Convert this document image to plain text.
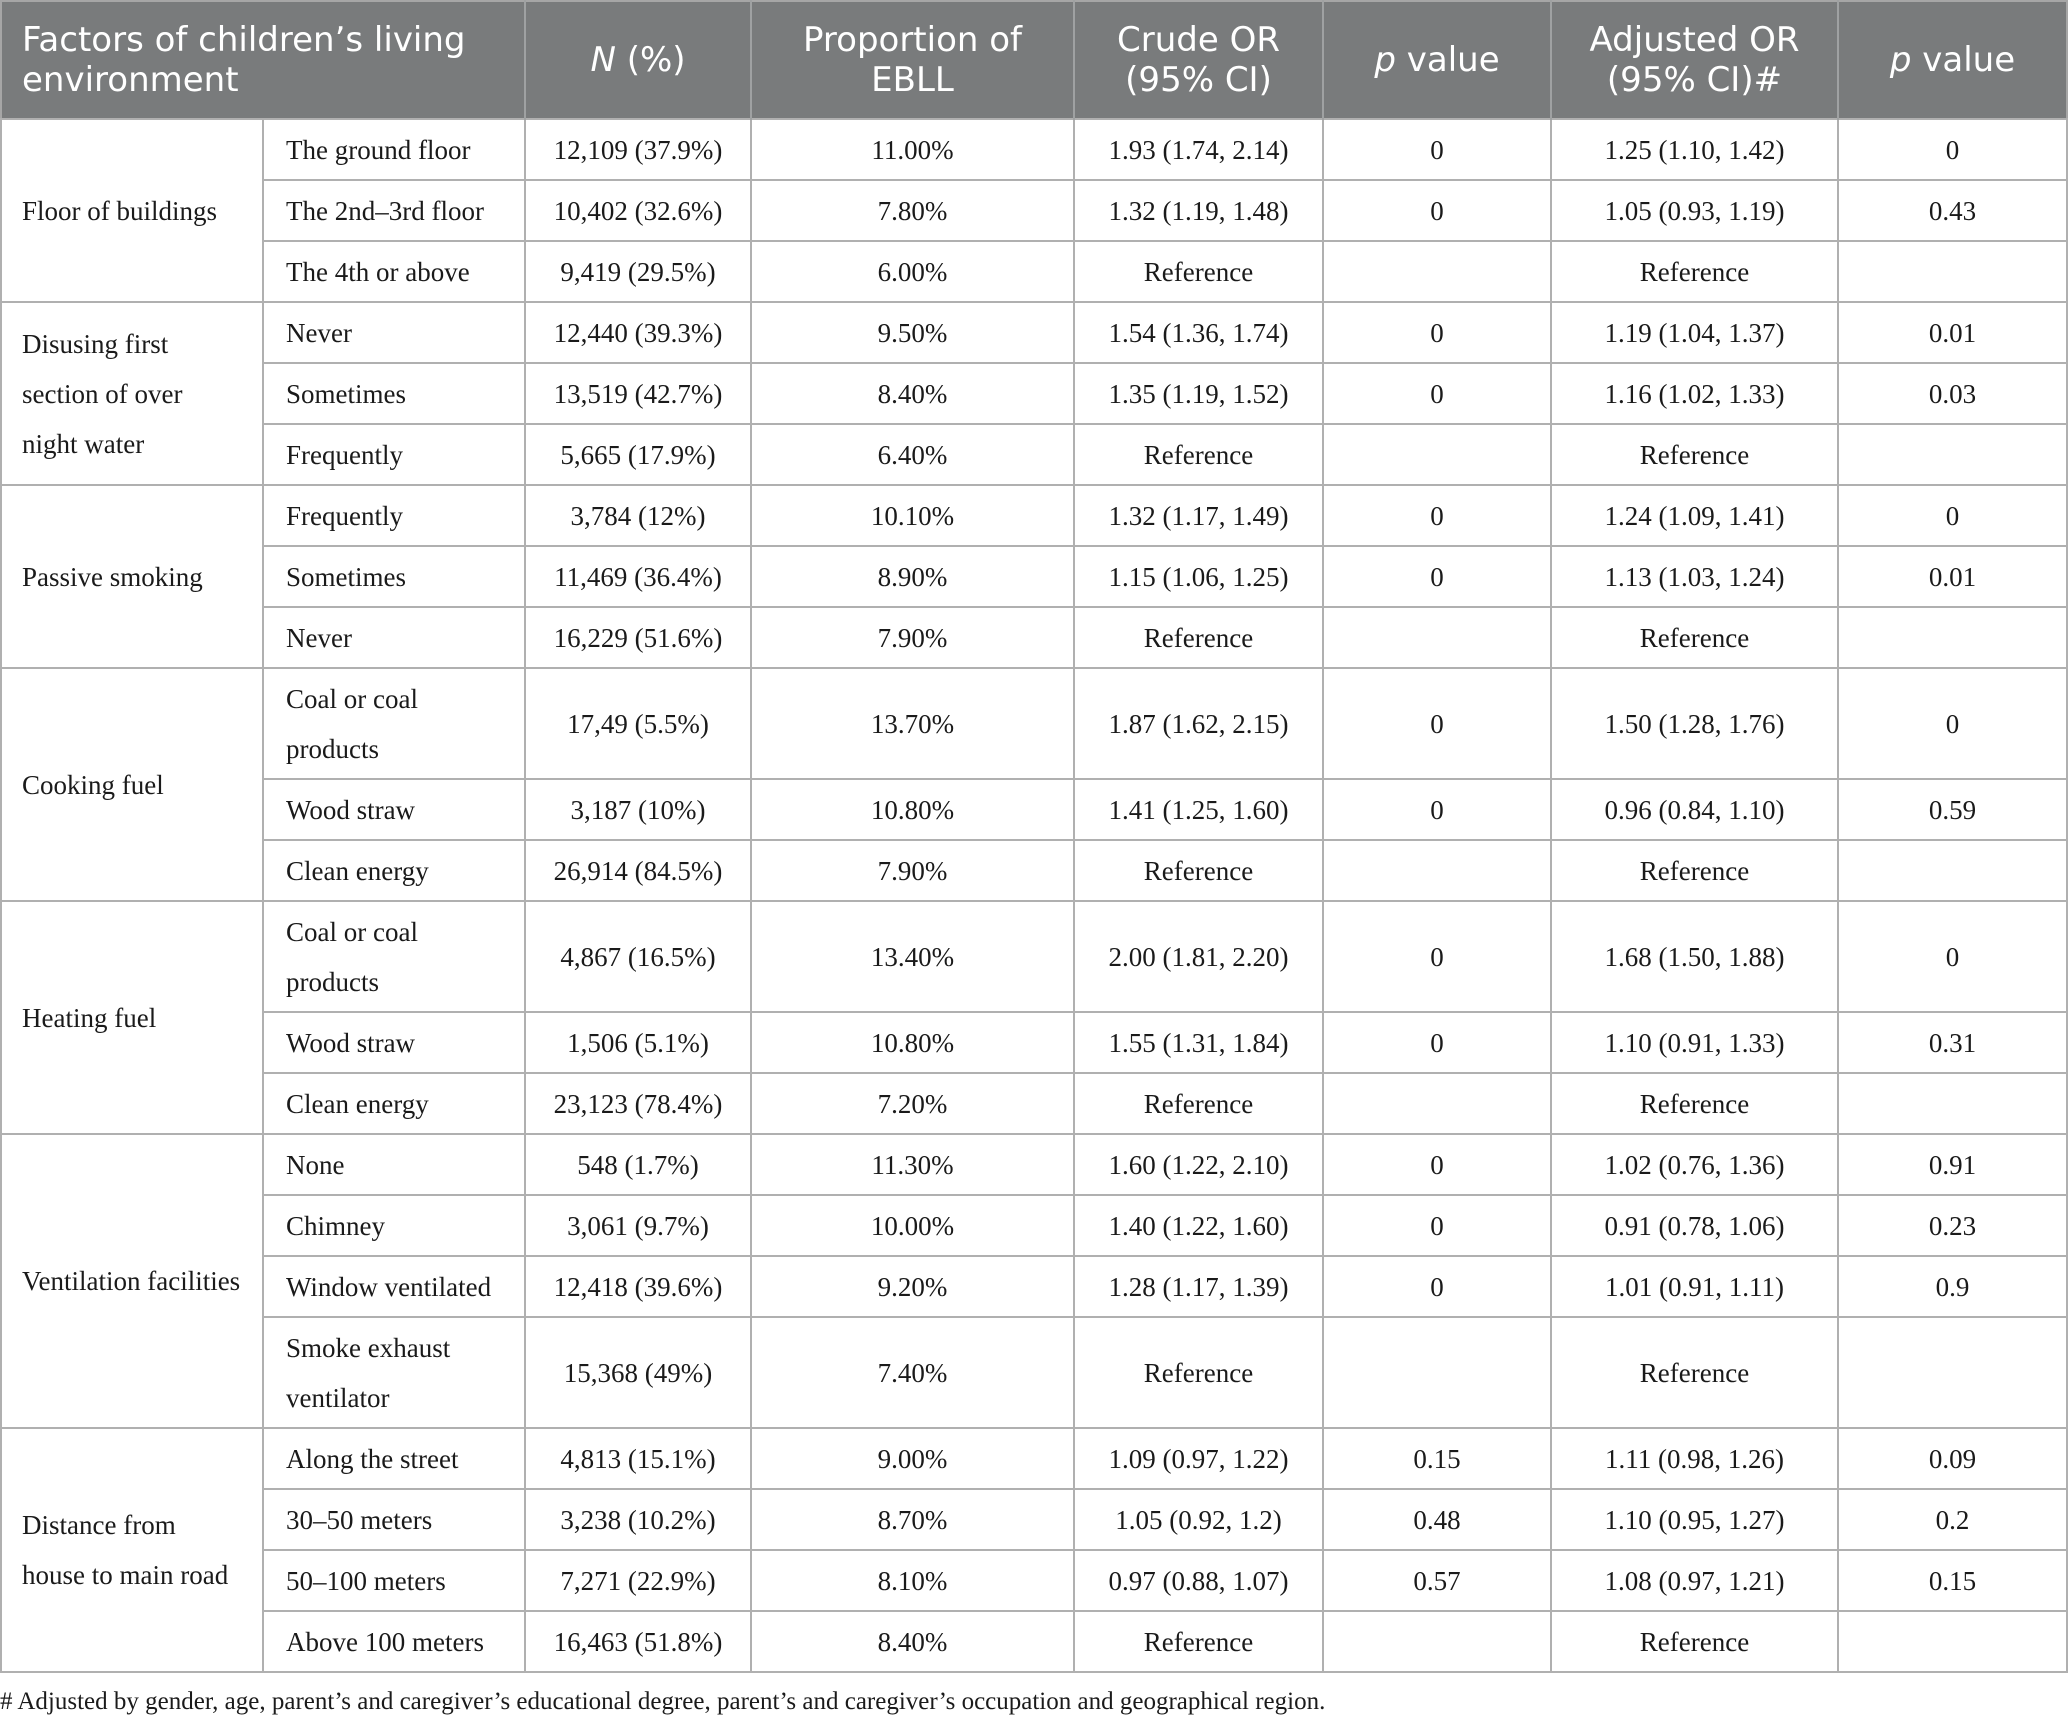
Factors of children’s living environment		N (%)	Proportion of EBLL	Crude OR (95% CI)	p value	Adjusted OR (95% CI)#	p value
Floor of buildings	The ground floor	12,109 (37.9%)	11.00%	1.93 (1.74, 2.14)	0	1.25 (1.10, 1.42)	0
	The 2nd–3rd floor	10,402 (32.6%)	7.80%	1.32 (1.19, 1.48)	0	1.05 (0.93, 1.19)	0.43
	The 4th or above	9,419 (29.5%)	6.00%	Reference		Reference	
Disusing first section of over night water	Never	12,440 (39.3%)	9.50%	1.54 (1.36, 1.74)	0	1.19 (1.04, 1.37)	0.01
	Sometimes	13,519 (42.7%)	8.40%	1.35 (1.19, 1.52)	0	1.16 (1.02, 1.33)	0.03
	Frequently	5,665 (17.9%)	6.40%	Reference		Reference	
Passive smoking	Frequently	3,784 (12%)	10.10%	1.32 (1.17, 1.49)	0	1.24 (1.09, 1.41)	0
	Sometimes	11,469 (36.4%)	8.90%	1.15 (1.06, 1.25)	0	1.13 (1.03, 1.24)	0.01
	Never	16,229 (51.6%)	7.90%	Reference		Reference	
Cooking fuel	Coal or coal products	17,49 (5.5%)	13.70%	1.87 (1.62, 2.15)	0	1.50 (1.28, 1.76)	0
	Wood straw	3,187 (10%)	10.80%	1.41 (1.25, 1.60)	0	0.96 (0.84, 1.10)	0.59
	Clean energy	26,914 (84.5%)	7.90%	Reference		Reference	
Heating fuel	Coal or coal products	4,867 (16.5%)	13.40%	2.00 (1.81, 2.20)	0	1.68 (1.50, 1.88)	0
	Wood straw	1,506 (5.1%)	10.80%	1.55 (1.31, 1.84)	0	1.10 (0.91, 1.33)	0.31
	Clean energy	23,123 (78.4%)	7.20%	Reference		Reference	
Ventilation facilities	None	548 (1.7%)	11.30%	1.60 (1.22, 2.10)	0	1.02 (0.76, 1.36)	0.91
	Chimney	3,061 (9.7%)	10.00%	1.40 (1.22, 1.60)	0	0.91 (0.78, 1.06)	0.23
	Window ventilated	12,418 (39.6%)	9.20%	1.28 (1.17, 1.39)	0	1.01 (0.91, 1.11)	0.9
	Smoke exhaust ventilator	15,368 (49%)	7.40%	Reference		Reference	
Distance from house to main road	Along the street	4,813 (15.1%)	9.00%	1.09 (0.97, 1.22)	0.15	1.11 (0.98, 1.26)	0.09
	30–50 meters	3,238 (10.2%)	8.70%	1.05 (0.92, 1.2)	0.48	1.10 (0.95, 1.27)	0.2
	50–100 meters	7,271 (22.9%)	8.10%	0.97 (0.88, 1.07)	0.57	1.08 (0.97, 1.21)	0.15
	Above 100 meters	16,463 (51.8%)	8.40%	Reference		Reference	
# Adjusted by gender, age, parent’s and caregiver’s educational degree, parent’s and caregiver’s occupation and geographical region.
